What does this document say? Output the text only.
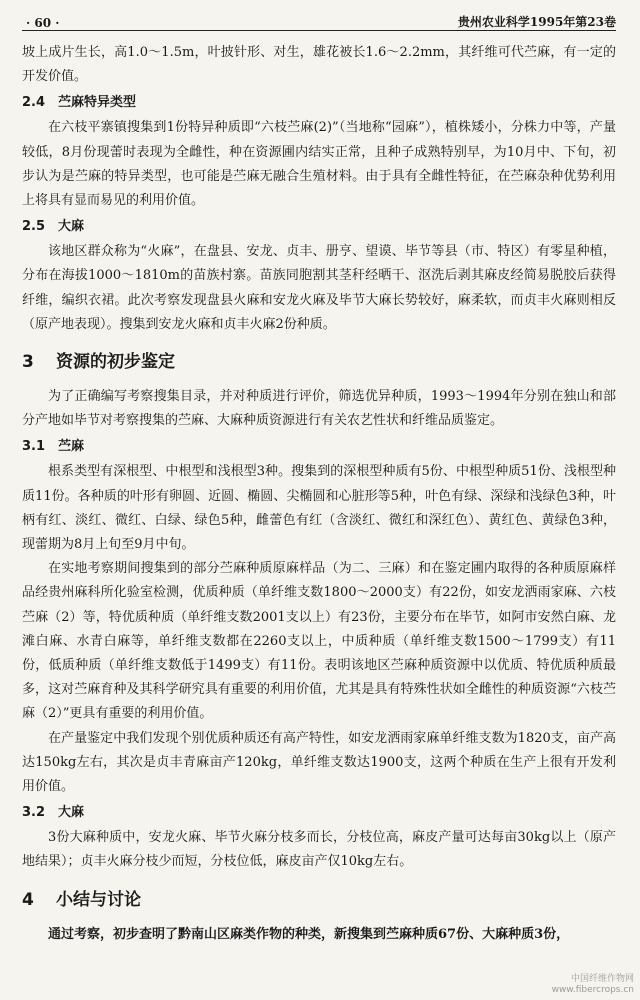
· 60 ·	贵州农业科学1995年第23卷

坡上成片生长，高1.0～1.5m，叶披针形、对生，雄花被长1.6～2.2mm，其纤维可代苎麻，有一定的开发价值。

2.4 苎麻特异类型

在六枝平寨镇搜集到1份特异种质即“六枝苎麻(2)”（当地称“园麻”），植株矮小，分株力中等，产量较低，8月份现蕾时表现为全雌性，种在资源圃内结实正常，且种子成熟特别早，为10月中、下旬，初步认为是苎麻的特异类型，也可能是苎麻无融合生殖材料。由于具有全雌性特征，在苎麻杂种优势利用上将具有显而易见的利用价值。

2.5 大麻

该地区群众称为“火麻”，在盘县、安龙、贞丰、册亨、望谟、毕节等县（市、特区）有零星种植，分布在海拔1000～1810m的苗族村寨。苗族同胞割其茎秆经晒干、沤洗后剥其麻皮经简易脱胶后获得纤维，编织衣裙。此次考察发现盘县火麻和安龙火麻及毕节大麻长势较好，麻柔软，而贞丰火麻则相反（原产地表现）。搜集到安龙火麻和贞丰火麻2份种质。

3 资源的初步鉴定

为了正确编写考察搜集目录，并对种质进行评价，筛选优异种质，1993～1994年分别在独山和部分产地如毕节对考察搜集的苎麻、大麻种质资源进行有关农艺性状和纤维品质鉴定。

3.1 苎麻

根系类型有深根型、中根型和浅根型3种。搜集到的深根型种质有5份、中根型种质51份、浅根型种质11份。各种质的叶形有卵圆、近圆、椭圆、尖椭圆和心脏形等5种，叶色有绿、深绿和浅绿色3种，叶柄有红、淡红、微红、白绿、绿色5种，雌蕾色有红（含淡红、微红和深红色）、黄红色、黄绿色3种，现蕾期为8月上旬至9月中旬。

在实地考察期间搜集到的部分苎麻种质原麻样品（为二、三麻）和在鉴定圃内取得的各种质原麻样品经贵州麻科所化验室检测，优质种质（单纤维支数1800～2000支）有22份，如安龙洒雨家麻、六枝苎麻（2）等，特优质种质（单纤维支数2001支以上）有23份，主要分布在毕节，如阿市安然白麻、龙滩白麻、水青白麻等，单纤维支数都在2260支以上，中质种质（单纤维支数1500～1799支）有11份，低质种质（单纤维支数低于1499支）有11份。表明该地区苎麻种质资源中以优质、特优质种质最多，这对苎麻育种及其科学研究具有重要的利用价值，尤其是具有特殊性状如全雌性的种质资源“六枝苎麻（2）”更具有重要的利用价值。

在产量鉴定中我们发现个别优质种质还有高产特性，如安龙洒雨家麻单纤维支数为1820支，亩产高达150kg左右，其次是贞丰青麻亩产120kg，单纤维支数达1900支，这两个种质在生产上很有开发利用价值。

3.2 大麻

3份大麻种质中，安龙火麻、毕节火麻分枝多而长，分枝位高，麻皮产量可达每亩30kg以上（原产地结果）；贞丰火麻分枝少而短，分枝位低，麻皮亩产仅10kg左右。

4 小结与讨论

通过考察，初步查明了黔南山区麻类作物的种类，新搜集到苎麻种质67份、大麻种质3份，

中国纤维作物网
www.fibercrops.cn
